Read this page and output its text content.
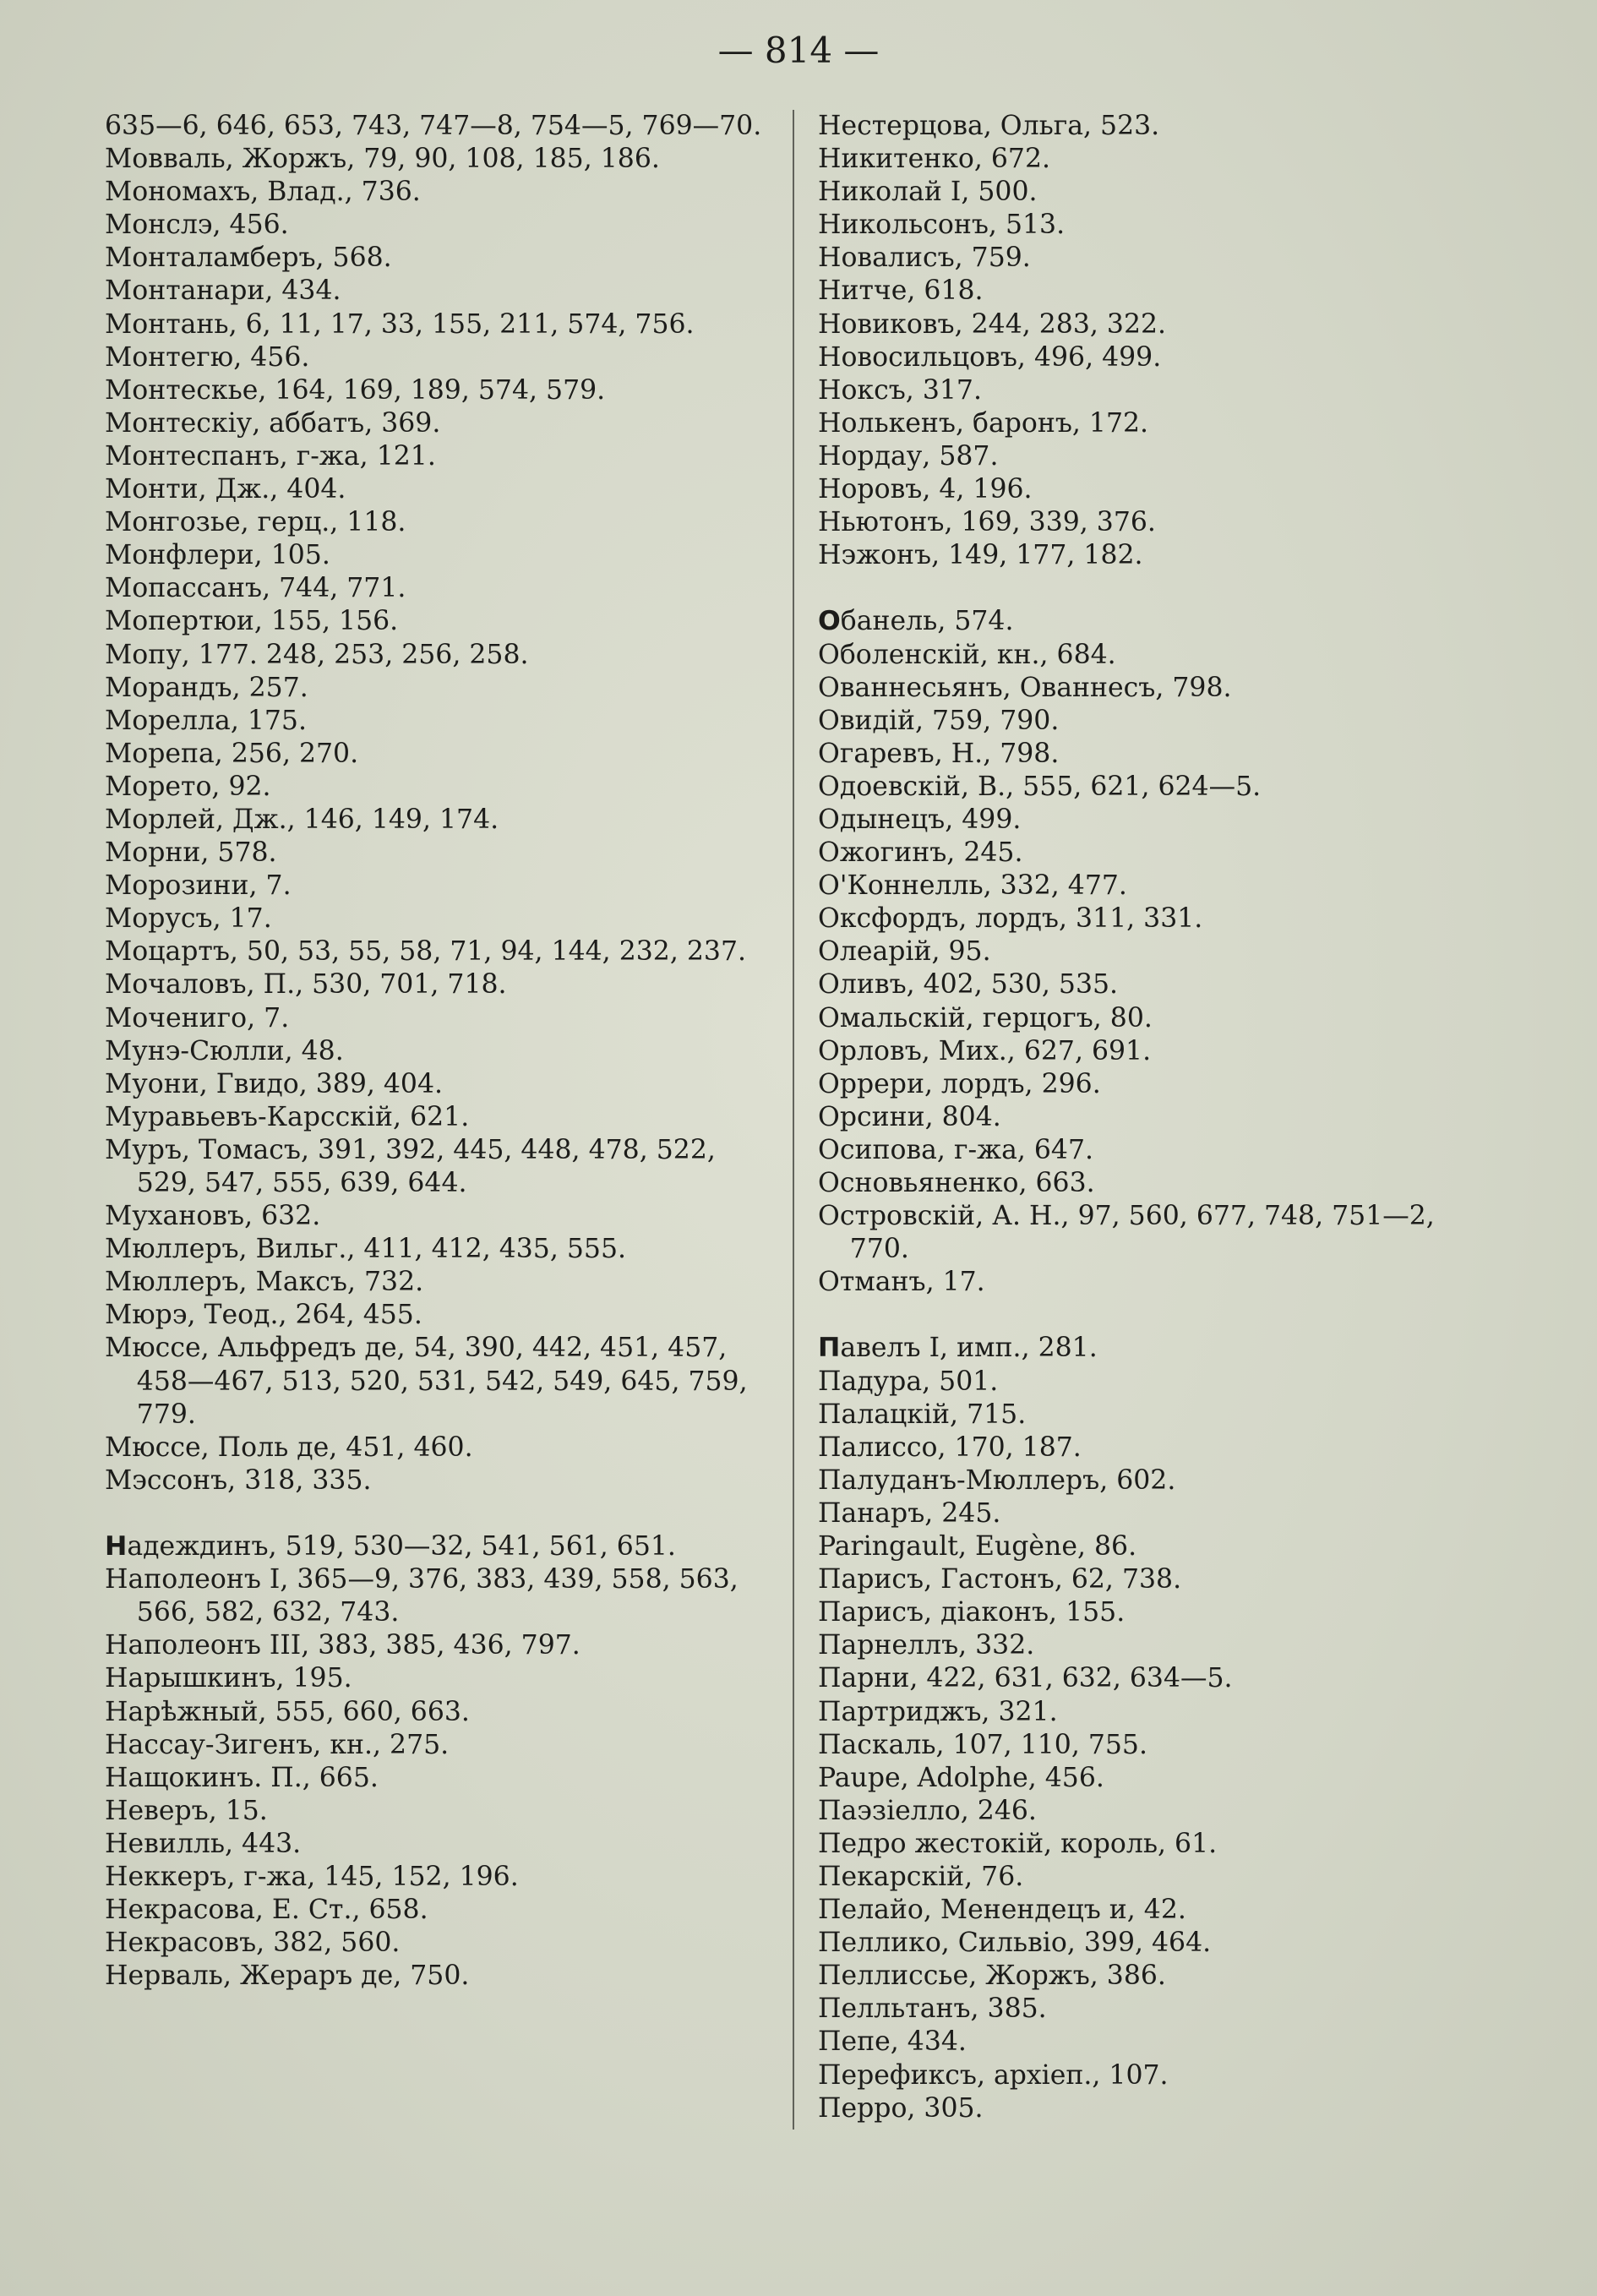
— 814 —

635—6, 646, 653, 743, 747—8, 754—5, 769—70.

Мовваль, Жоржъ, 79, 90, 108, 185, 186.

Мономахъ, Влад., 736.

Монслэ, 456.

Монталамберъ, 568.

Монтанари, 434.

Монтань, 6, 11, 17, 33, 155, 211, 574, 756.

Монтегю, 456.

Монтескье, 164, 169, 189, 574, 579.

Монтескiу, аббатъ, 369.

Монтеспанъ, г-жа, 121.

Монти, Дж., 404.

Монгозье, герц., 118.

Монфлери, 105.

Мопассанъ, 744, 771.

Мопертюи, 155, 156.

Мопу, 177. 248, 253, 256, 258.

Морандъ, 257.

Морелла, 175.

Морепа, 256, 270.

Морето, 92.

Морлей, Дж., 146, 149, 174.

Морни, 578.

Морозини, 7.

Морусъ, 17.

Моцартъ, 50, 53, 55, 58, 71, 94, 144, 232, 237.

Мочаловъ, П., 530, 701, 718.

Мочениго, 7.

Мунэ-Сюлли, 48.

Муони, Гвидо, 389, 404.

Муравьевъ-Карсскiй, 621.

Муръ, Томасъ, 391, 392, 445, 448, 478, 522, 529, 547, 555, 639, 644.

Мухановъ, 632.

Мюллеръ, Вильг., 411, 412, 435, 555.

Мюллеръ, Максъ, 732.

Мюрэ, Теод., 264, 455.

Мюссе, Альфредъ де, 54, 390, 442, 451, 457, 458—467, 513, 520, 531, 542, 549, 645, 759, 779.

Мюссе, Поль де, 451, 460.

Мэссонъ, 318, 335.

Надеждинъ, 519, 530—32, 541, 561, 651.

Наполеонъ I, 365—9, 376, 383, 439, 558, 563, 566, 582, 632, 743.

Наполеонъ III, 383, 385, 436, 797.

Нарышкинъ, 195.

Нарѣжный, 555, 660, 663.

Нассау-Зигенъ, кн., 275.

Нащокинъ. П., 665.

Неверъ, 15.

Невилль, 443.

Неккеръ, г-жа, 145, 152, 196.

Некрасова, Е. Ст., 658.

Некрасовъ, 382, 560.

Нерваль, Жераръ де, 750.

Нестерцова, Ольга, 523.

Никитенко, 672.

Николай I, 500.

Никольсонъ, 513.

Новалисъ, 759.

Нитче, 618.

Новиковъ, 244, 283, 322.

Новосильцовъ, 496, 499.

Ноксъ, 317.

Нолькенъ, баронъ, 172.

Нордау, 587.

Норовъ, 4, 196.

Ньютонъ, 169, 339, 376.

Нэжонъ, 149, 177, 182.

Обанель, 574.

Оболенскiй, кн., 684.

Ованнесьянъ, Ованнесъ, 798.

Овидiй, 759, 790.

Огаревъ, Н., 798.

Одоевскiй, В., 555, 621, 624—5.

Одынецъ, 499.

Ожогинъ, 245.

О'Коннелль, 332, 477.

Оксфордъ, лордъ, 311, 331.

Олеарiй, 95.

Оливъ, 402, 530, 535.

Омальскiй, герцогъ, 80.

Орловъ, Мих., 627, 691.

Оррери, лордъ, 296.

Орсини, 804.

Осипова, г-жа, 647.

Основьяненко, 663.

Островскiй, А. Н., 97, 560, 677, 748, 751—2, 770.

Отманъ, 17.

Павелъ I, имп., 281.

Падура, 501.

Палацкiй, 715.

Палиссо, 170, 187.

Палуданъ-Мюллеръ, 602.

Панаръ, 245.

Paringault, Eugène, 86.

Парисъ, Гастонъ, 62, 738.

Парисъ, дiаконъ, 155.

Парнеллъ, 332.

Парни, 422, 631, 632, 634—5.

Партриджъ, 321.

Паскаль, 107, 110, 755.

Paupe, Adolphe, 456.

Паэзiелло, 246.

Педро жестокiй, король, 61.

Пекарскiй, 76.

Пелайо, Менендецъ и, 42.

Пеллико, Сильвiо, 399, 464.

Пеллиссье, Жоржъ, 386.

Пелльтанъ, 385.

Пепе, 434.

Перефиксъ, архiеп., 107.

Перро, 305.
